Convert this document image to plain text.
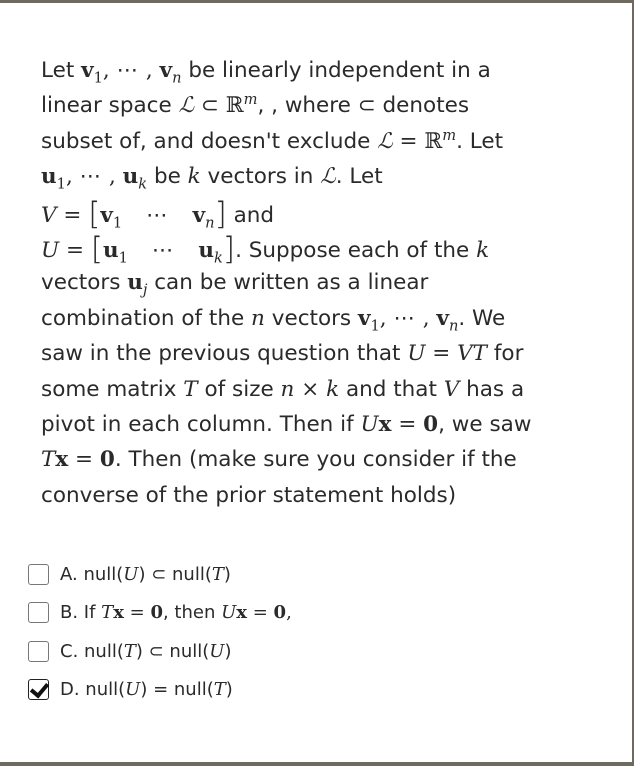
Let $v_1$, ⋯ , $v_n$ be linearly independent in a
linear space ℒ ⊂ ℝ$^m$, , where ⊂ denotes
subset of, and doesn't exclude ℒ = ℝ$^m$. Let
$u_1$, ⋯ , $u_k$ be k vectors in ℒ. Let
$V = [v_1$ ⋯ $v_n$] and
$U = [u_1$ ⋯ $u_k$]. Suppose each of the k
vectors $u_j$ can be written as a linear
combination of the n vectors $v_1$, ⋯ , $v_n$. We
saw in the previous question that U = VT for
some matrix T of size n × k and that V has a
pivot in each column. Then if Ux = 0, we saw
Tx = 0. Then (make sure you consider if the
converse of the prior statement holds)
A. null(U) ⊂ null(T)
B. If Tx = 0, then Ux = 0,
C. null(T) ⊂ null(U)
D. null(U) = null(T)
